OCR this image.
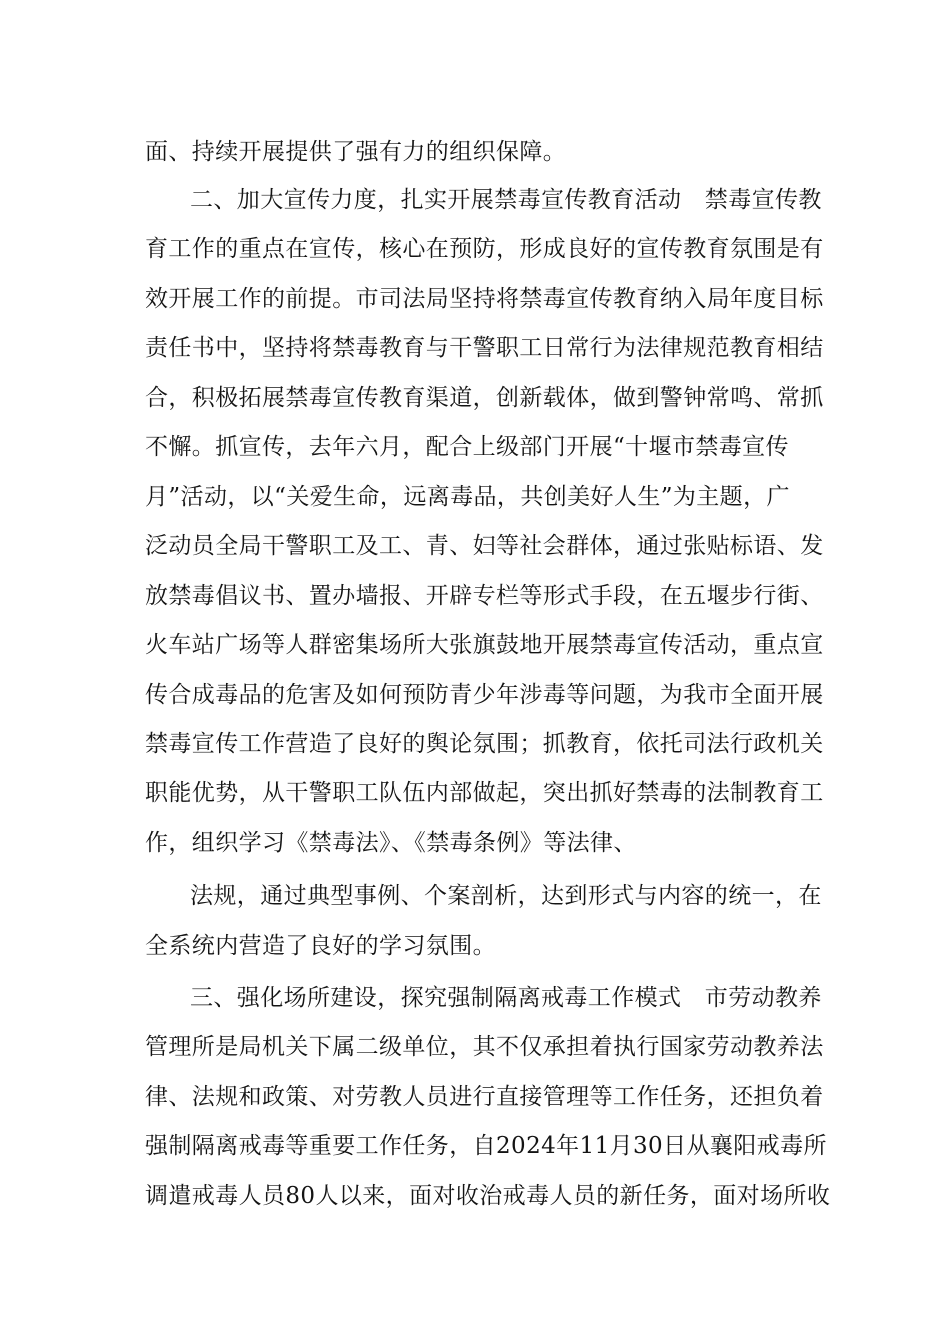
面、持续开展提供了强有力的组织保障。
二、加大宣传力度，扎实开展禁毒宣传教育活动　禁毒宣传教
育工作的重点在宣传，核心在预防，形成良好的宣传教育氛围是有
效开展工作的前提。市司法局坚持将禁毒宣传教育纳入局年度目标
责任书中，坚持将禁毒教育与干警职工日常行为法律规范教育相结
合，积极拓展禁毒宣传教育渠道，创新载体，做到警钟常鸣、常抓
不懈。抓宣传，去年六月，配合上级部门开展“十堰市禁毒宣传
月”活动，以“关爱生命，远离毒品，共创美好人生”为主题，广
泛动员全局干警职工及工、青、妇等社会群体，通过张贴标语、发
放禁毒倡议书、置办墙报、开辟专栏等形式手段，在五堰步行街、
火车站广场等人群密集场所大张旗鼓地开展禁毒宣传活动，重点宣
传合成毒品的危害及如何预防青少年涉毒等问题，为我市全面开展
禁毒宣传工作营造了良好的舆论氛围；抓教育，依托司法行政机关
职能优势，从干警职工队伍内部做起，突出抓好禁毒的法制教育工
作，组织学习《禁毒法》、《禁毒条例》等法律、
法规，通过典型事例、个案剖析，达到形式与内容的统一，在
全系统内营造了良好的学习氛围。
三、强化场所建设，探究强制隔离戒毒工作模式　市劳动教养
管理所是局机关下属二级单位，其不仅承担着执行国家劳动教养法
律、法规和政策、对劳教人员进行直接管理等工作任务，还担负着
强制隔离戒毒等重要工作任务，自2024年11月30日从襄阳戒毒所
调遣戒毒人员80人以来，面对收治戒毒人员的新任务，面对场所收
